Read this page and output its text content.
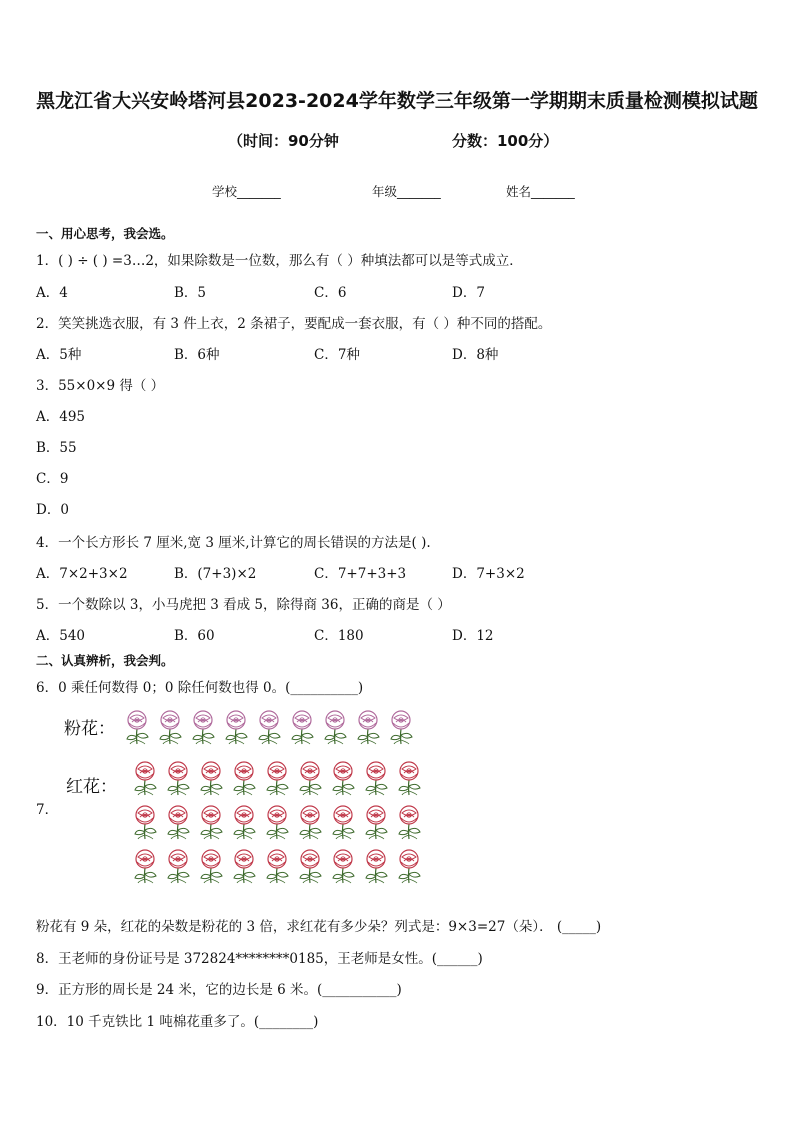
黑龙江省大兴安岭塔河县2023-2024学年数学三年级第一学期期末质量检测模拟试题
（时间：90分钟	分数：100分）
学校_______	年级_______	姓名_______
一、用心思考，我会选。
1．( ) ÷ ( ) =3…2，如果除数是一位数，那么有（ ）种填法都可以是等式成立．
A．4	B．5	C．6	D．7
2．笑笑挑选衣服，有 3 件上衣，2 条裙子，要配成一套衣服，有（ ）种不同的搭配。
A．5种	B．6种	C．7种	D．8种
3．55×0×9 得（ ）
A．495
B．55
C．9
D．0
4．一个长方形长 7 厘米,宽 3 厘米,计算它的周长错误的方法是( ).
A．7×2+3×2	B．(7+3)×2	C．7+7+3+3	D．7+3×2
5．一个数除以 3，小马虎把 3 看成 5，除得商 36，正确的商是（ ）
A．540	B．60	C．180	D．12
二、认真辨析，我会判。
6．0 乘任何数得 0；0 除任何数也得 0。(__________)
粉花：
红花：
7．
粉花有 9 朵，红花的朵数是粉花的 3 倍，求红花有多少朵？列式是：9×3=27（朵）． (_____)
8．王老师的身份证号是 372824********0185，王老师是女性。(______)
9．正方形的周长是 24 米，它的边长是 6 米。(___________)
10．10 千克铁比 1 吨棉花重多了。(________)
